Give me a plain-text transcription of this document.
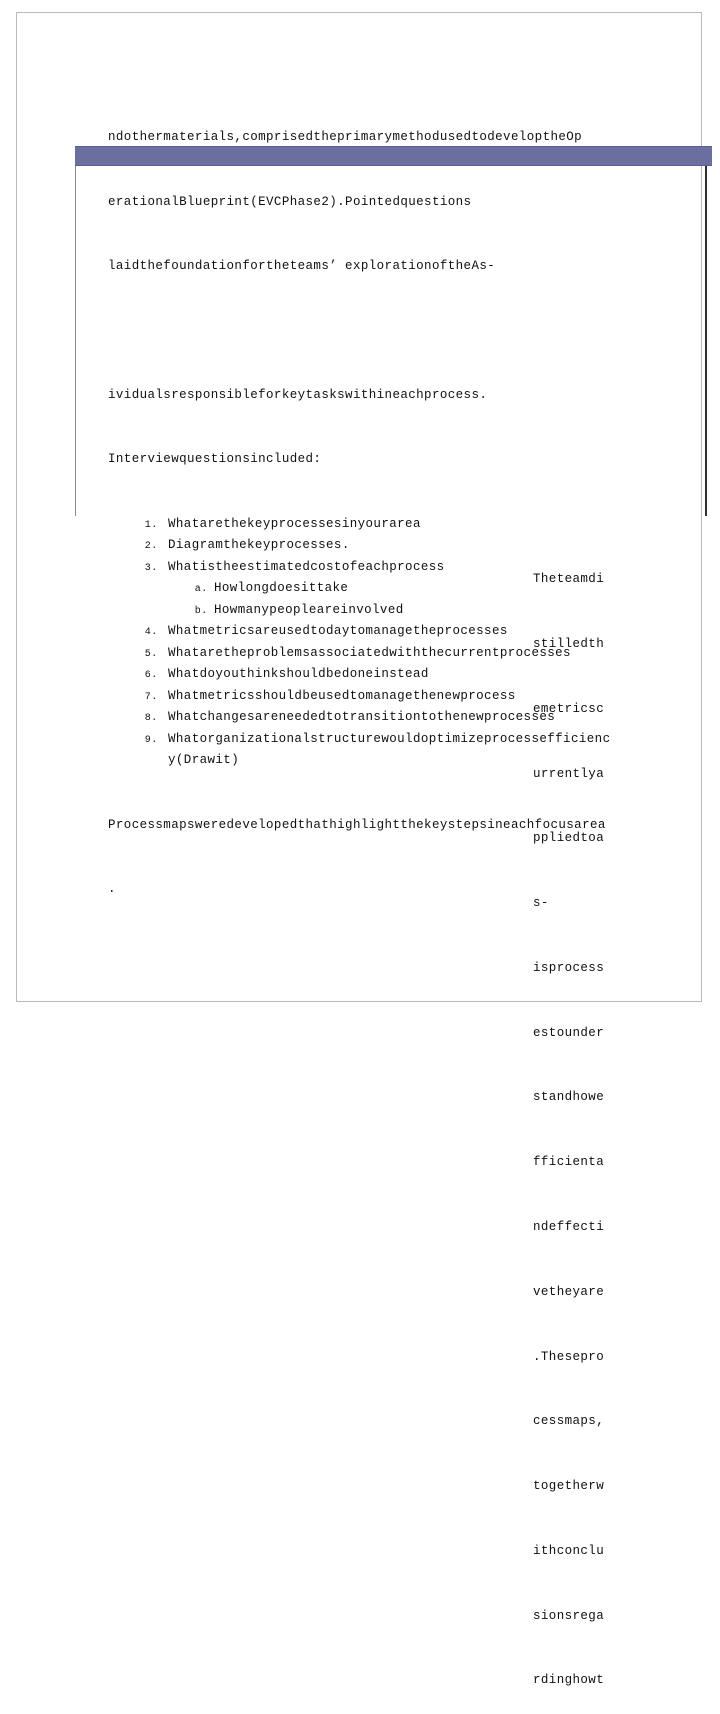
ndothermaterials,comprisedtheprimarymethodusedtodeveloptheOp

erationalBlueprint(EVCPhase2).Pointedquestions

laidthefoundationfortheteams’ explorationoftheAs-

ividualsresponsibleforkeytaskswithineachprocess.

Interviewquestionsincluded:

1. Whatarethekeyprocessesinyourarea
2. Diagramthekeyprocesses.
3. Whatistheestimatedcostofeachprocess
a. Howlongdoesittake
b. Howmanypeopleareinvolved
4. Whatmetricsareusedtodaytomanagetheprocesses
5. Whataretheproblemsassociatedwiththecurrentprocesses
6. Whatdoyouthinkshouldbedoneinstead
7. Whatmetricsshouldbeusedtomanagethenewprocess
8. Whatchangesareneededtotransitiontothenewprocesses
9. Whatorganizationalstructurewouldoptimizeprocessefficiency(Drawit)

Processmapsweredevelopedthathighlightthekeystepsineachfocusarea

.

Theteamdi

stilledth

emetricsc

urrentlya

ppliedtoa

s-

isprocess

estounder

standhowe

fficienta

ndeffecti

vetheyare

.Thesepro

cessmaps,

togetherw

ithconclu

sionsrega

rdinghowt
